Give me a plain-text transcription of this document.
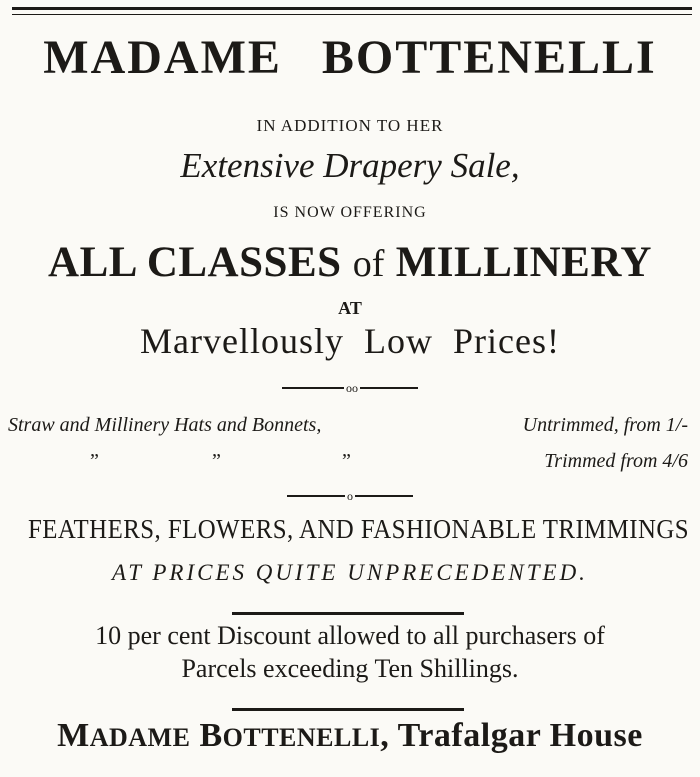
MADAME BOTTENELLI
IN ADDITION TO HER
Extensive Drapery Sale,
IS NOW OFFERING
ALL CLASSES of MILLINERY
AT
Marvellously Low Prices!
oo
Straw and Millinery Hats and Bonnets,	Untrimmed, from 1/-
”	”	”	Trimmed from 4/6
o
FEATHERS, FLOWERS, AND FASHIONABLE TRIMMINGS
AT PRICES QUITE UNPRECEDENTED.
10 per cent Discount allowed to all purchasers of
Parcels exceeding Ten Shillings.
MADAME BOTTENELLI, Trafalgar House
